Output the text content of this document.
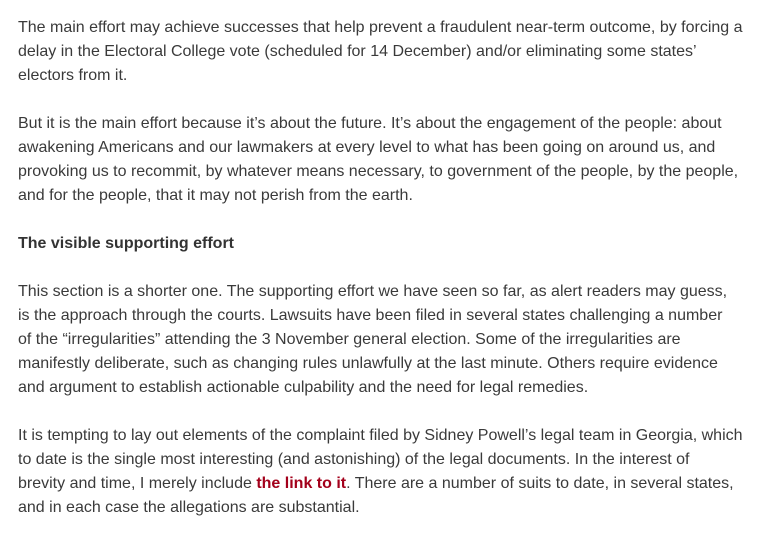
The main effort may achieve successes that help prevent a fraudulent near-term outcome, by forcing a
delay in the Electoral College vote (scheduled for 14 December) and/or eliminating some states’
electors from it.

But it is the main effort because it’s about the future. It’s about the engagement of the people: about
awakening Americans and our lawmakers at every level to what has been going on around us, and
provoking us to recommit, by whatever means necessary, to government of the people, by the people,
and for the people, that it may not perish from the earth.

The visible supporting effort

This section is a shorter one. The supporting effort we have seen so far, as alert readers may guess,
is the approach through the courts. Lawsuits have been filed in several states challenging a number
of the “irregularities” attending the 3 November general election. Some of the irregularities are
manifestly deliberate, such as changing rules unlawfully at the last minute. Others require evidence
and argument to establish actionable culpability and the need for legal remedies.

It is tempting to lay out elements of the complaint filed by Sidney Powell’s legal team in Georgia, which
to date is the single most interesting (and astonishing) of the legal documents. In the interest of
brevity and time, I merely include the link to it. There are a number of suits to date, in several states,
and in each case the allegations are substantial.
